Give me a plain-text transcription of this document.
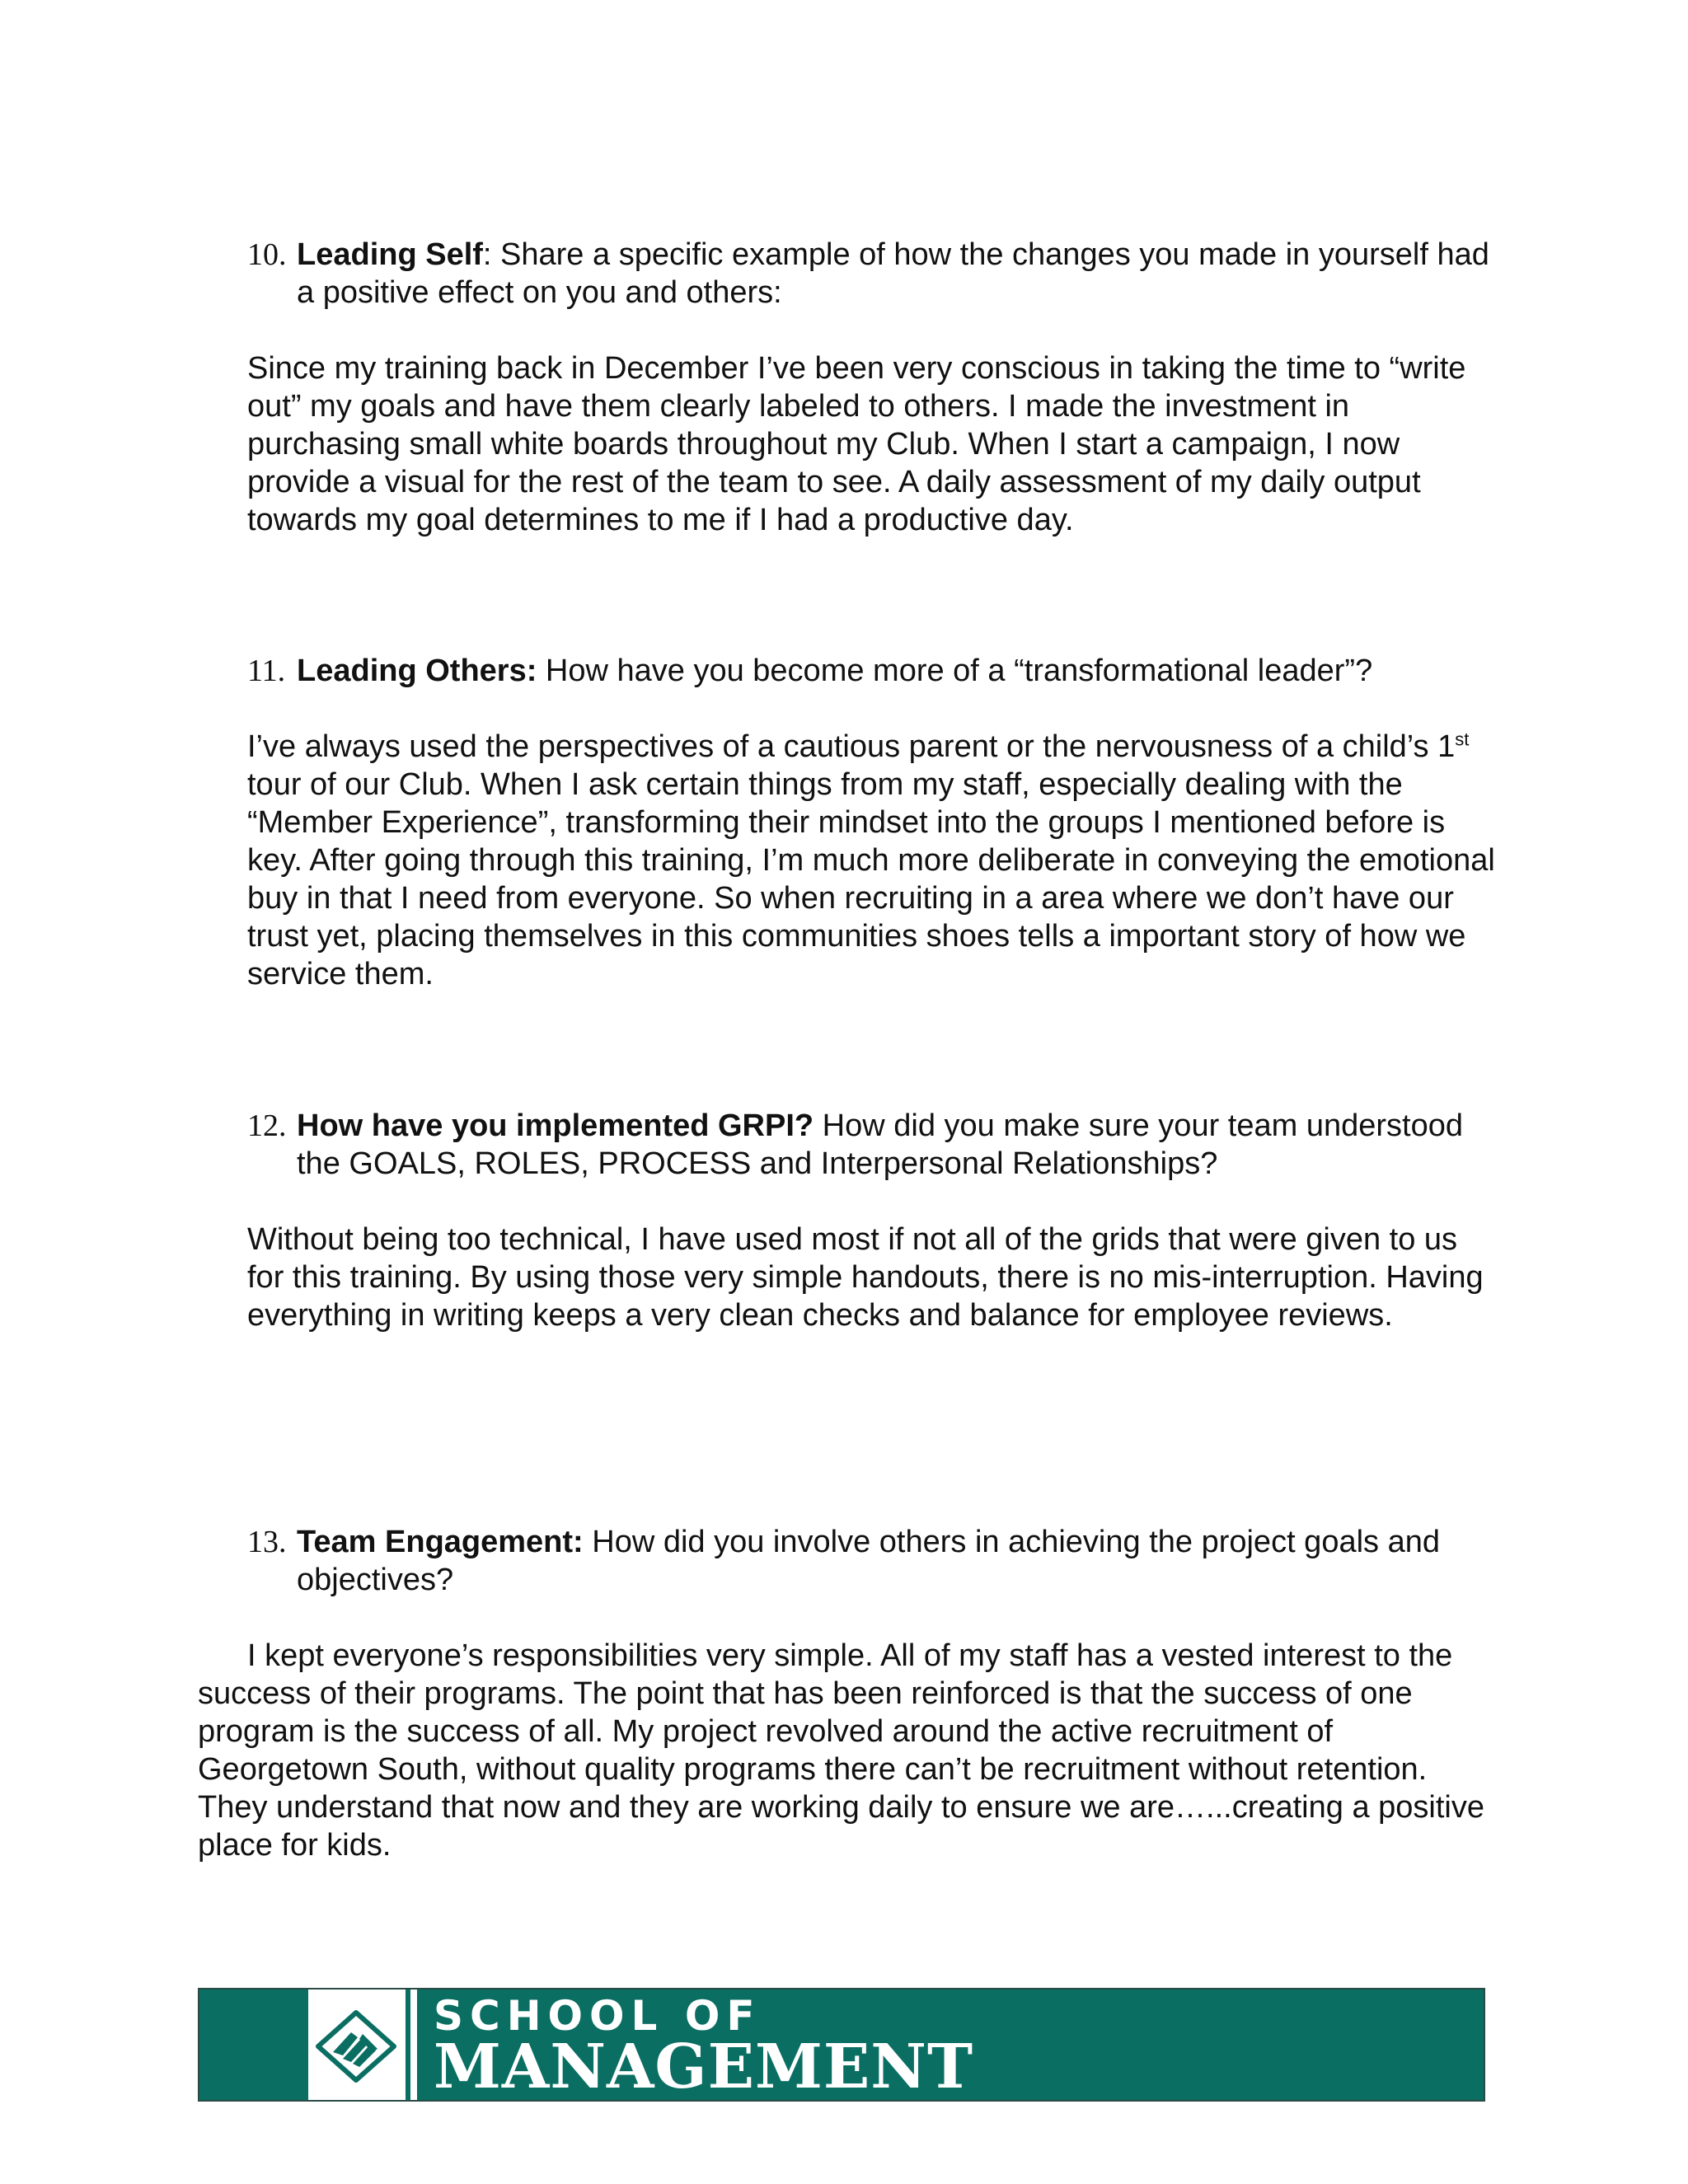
10. Leading Self: Share a specific example of how the changes you made in yourself had a positive effect on you and others:
Since my training back in December I’ve been very conscious in taking the time to “write out” my goals and have them clearly labeled to others. I made the investment in purchasing small white boards throughout my Club. When I start a campaign, I now provide a visual for the rest of the team to see. A daily assessment of my daily output towards my goal determines to me if I had a productive day.
11. Leading Others: How have you become more of a “transformational leader”?
I’ve always used the perspectives of a cautious parent or the nervousness of a child’s 1st tour of our Club. When I ask certain things from my staff, especially dealing with the “Member Experience”, transforming their mindset into the groups I mentioned before is key. After going through this training, I’m much more deliberate in conveying the emotional buy in that I need from everyone. So when recruiting in a area where we don’t have our trust yet, placing themselves in this communities shoes tells a important story of how we service them.
12. How have you implemented GRPI? How did you make sure your team understood the GOALS, ROLES, PROCESS and Interpersonal Relationships?
Without being too technical, I have used most if not all of the grids that were given to us for this training. By using those very simple handouts, there is no mis-interruption. Having everything in writing keeps a very clean checks and balance for employee reviews.
13. Team Engagement: How did you involve others in achieving the project goals and objectives?
I kept everyone’s responsibilities very simple. All of my staff has a vested interest to the success of their programs. The point that has been reinforced is that the success of one program is the success of all. My project revolved around the active recruitment of Georgetown South, without quality programs there can’t be recruitment without retention. They understand that now and they are working daily to ensure we are…...creating a positive place for kids.
SCHOOL OF
MANAGEMENT
